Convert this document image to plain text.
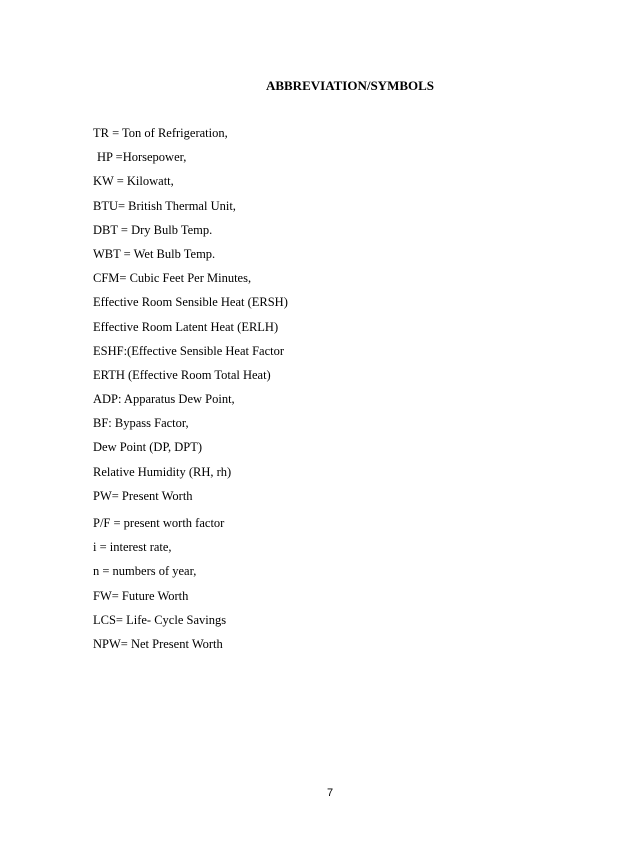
ABBREVIATION/SYMBOLS
TR = Ton of Refrigeration,
HP =Horsepower,
KW = Kilowatt,
BTU= British Thermal Unit,
DBT = Dry Bulb Temp.
WBT = Wet Bulb Temp.
CFM= Cubic Feet Per Minutes,
Effective Room Sensible Heat (ERSH)
Effective Room Latent Heat (ERLH)
ESHF:(Effective Sensible Heat Factor
ERTH (Effective Room Total Heat)
ADP: Apparatus Dew Point,
BF: Bypass Factor,
Dew Point (DP, DPT)
Relative Humidity (RH, rh)
PW= Present Worth
P/F = present worth factor
i = interest rate,
n = numbers of year,
FW= Future Worth
LCS= Life- Cycle Savings
NPW= Net Present Worth
7
